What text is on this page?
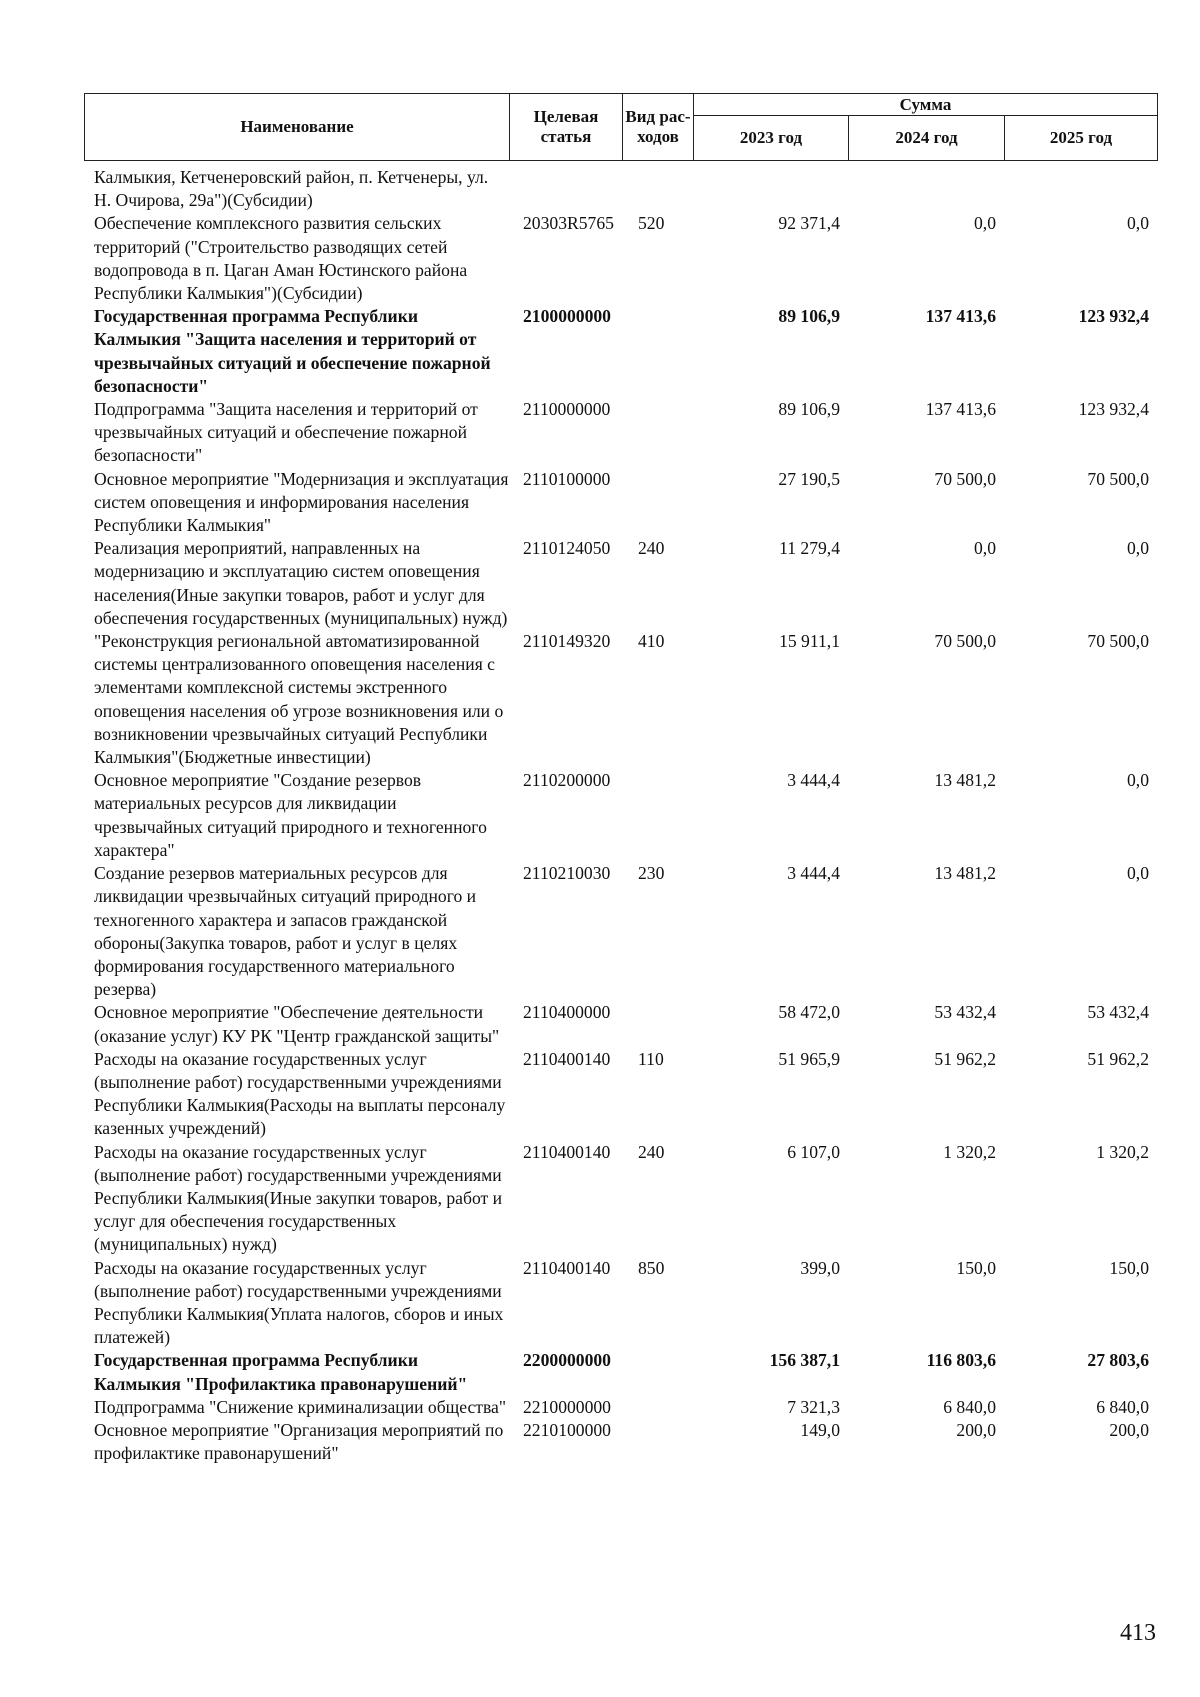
Наименование	Целевая статья	Вид рас-ходов	Сумма		
			2023 год	2024 год	2025 год
Калмыкия, Кетченеровский район, п. Кетченеры, ул. Н. Очирова, 29а")(Субсидии)					
Обеспечение комплексного развития сельских территорий ("Строительство разводящих сетей водопровода в п. Цаган Аман Юстинского района Республики Калмыкия")(Субсидии)	20303R5765	520	92 371,4	0,0	0,0
Государственная программа Республики Калмыкия "Защита населения и территорий от чрезвычайных ситуаций и обеспечение пожарной безопасности"	2100000000		89 106,9	137 413,6	123 932,4
Подпрограмма "Защита населения и территорий от чрезвычайных ситуаций и обеспечение пожарной безопасности"	2110000000		89 106,9	137 413,6	123 932,4
Основное мероприятие "Модернизация и эксплуатация систем оповещения и информирования населения Республики Калмыкия"	2110100000		27 190,5	70 500,0	70 500,0
Реализация мероприятий, направленных на модернизацию и эксплуатацию систем оповещения населения(Иные закупки товаров, работ и услуг для обеспечения государственных (муниципальных) нужд)	2110124050	240	11 279,4	0,0	0,0
"Реконструкция региональной автоматизированной системы централизованного оповещения населения с элементами комплексной системы экстренного оповещения населения об угрозе возникновения или о возникновении чрезвычайных ситуаций Республики Калмыкия"(Бюджетные инвестиции)	2110149320	410	15 911,1	70 500,0	70 500,0
Основное мероприятие "Создание резервов материальных ресурсов для ликвидации чрезвычайных ситуаций природного и техногенного характера"	2110200000		3 444,4	13 481,2	0,0
Создание резервов материальных ресурсов для ликвидации чрезвычайных ситуаций природного и техногенного характера и запасов гражданской обороны(Закупка товаров, работ и услуг в целях формирования государственного материального резерва)	2110210030	230	3 444,4	13 481,2	0,0
Основное мероприятие "Обеспечение деятельности (оказание услуг) КУ РК "Центр гражданской защиты"	2110400000		58 472,0	53 432,4	53 432,4
Расходы на оказание государственных услуг (выполнение работ) государственными учреждениями Республики Калмыкия(Расходы на выплаты персоналу казенных учреждений)	2110400140	110	51 965,9	51 962,2	51 962,2
Расходы на оказание государственных услуг (выполнение работ) государственными учреждениями Республики Калмыкия(Иные закупки товаров, работ и услуг для обеспечения государственных (муниципальных) нужд)	2110400140	240	6 107,0	1 320,2	1 320,2
Расходы на оказание государственных услуг (выполнение работ) государственными учреждениями Республики Калмыкия(Уплата налогов, сборов и иных платежей)	2110400140	850	399,0	150,0	150,0
Государственная программа Республики Калмыкия "Профилактика правонарушений"	2200000000		156 387,1	116 803,6	27 803,6
Подпрограмма "Снижение криминализации общества"	2210000000		7 321,3	6 840,0	6 840,0
Основное мероприятие "Организация мероприятий по профилактике правонарушений"	2210100000		149,0	200,0	200,0
413
